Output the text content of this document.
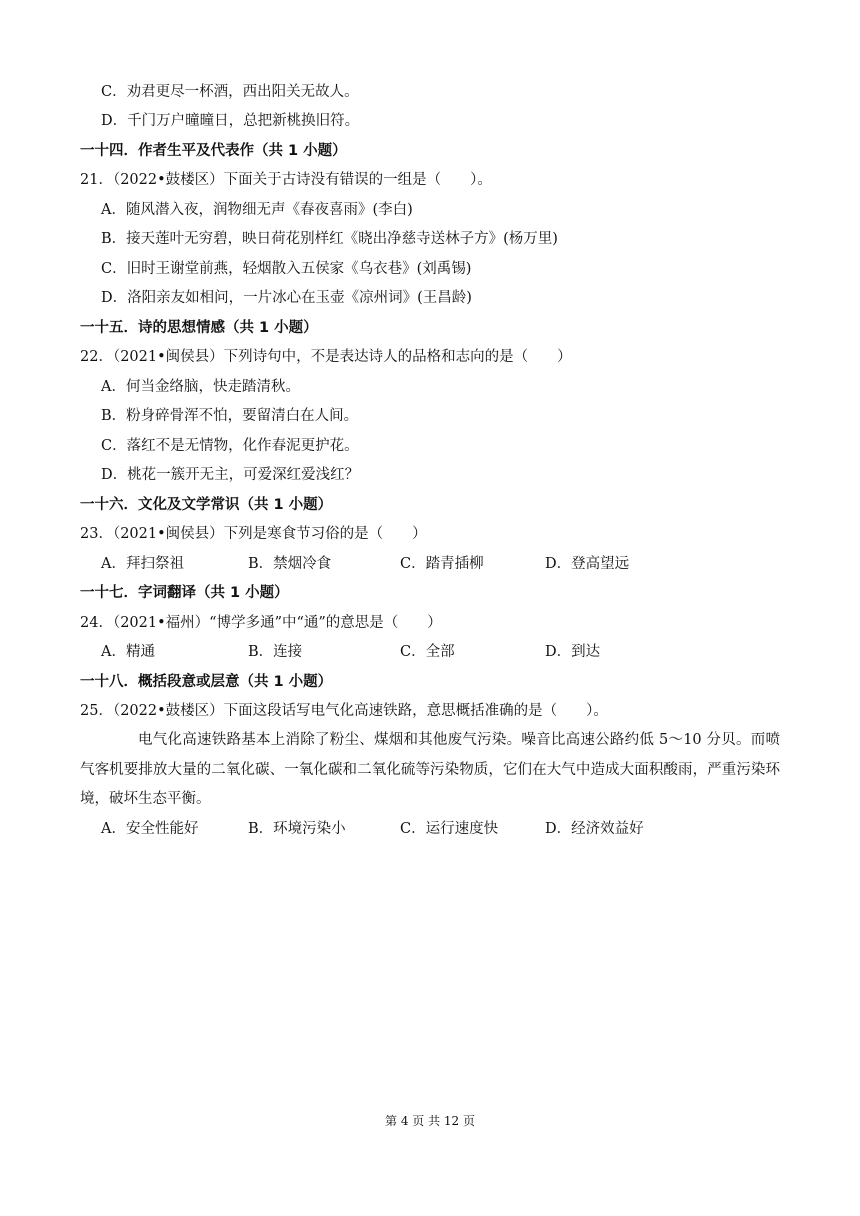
C．劝君更尽一杯酒，西出阳关无故人。
D．千门万户曈曈日，总把新桃换旧符。
一十四．作者生平及代表作（共 1 小题）
21．（2022•鼓楼区）下面关于古诗没有错误的一组是（　　）。
A．随风潜入夜，润物细无声《春夜喜雨》(李白)
B．接天莲叶无穷碧，映日荷花别样红《晓出净慈寺送林子方》(杨万里)
C．旧时王谢堂前燕，轻烟散入五侯家《乌衣巷》(刘禹锡)
D．洛阳亲友如相问，一片冰心在玉壶《凉州词》(王昌龄)
一十五．诗的思想情感（共 1 小题）
22．（2021•闽侯县）下列诗句中，不是表达诗人的品格和志向的是（　　）
A．何当金络脑，快走踏清秋。
B．粉身碎骨浑不怕，要留清白在人间。
C．落红不是无情物，化作春泥更护花。
D．桃花一簇开无主，可爱深红爱浅红？
一十六．文化及文学常识（共 1 小题）
23．（2021•闽侯县）下列是寒食节习俗的是（　　）
A．拜扫祭祖	B．禁烟冷食	C．踏青插柳	D．登高望远
一十七．字词翻译（共 1 小题）
24．（2021•福州）“博学多通”中“通”的意思是（　　）
A．精通	B．连接	C．全部	D．到达
一十八．概括段意或层意（共 1 小题）
25．（2022•鼓楼区）下面这段话写电气化高速铁路，意思概括准确的是（　　）。
电气化高速铁路基本上消除了粉尘、煤烟和其他废气污染。噪音比高速公路约低 5～10 分贝。而喷气客机要排放大量的二氧化碳、一氧化碳和二氧化硫等污染物质，它们在大气中造成大面积酸雨，严重污染环境，破坏生态平衡。
A．安全性能好	B．环境污染小	C．运行速度快	D．经济效益好
第 4 页 共 12 页
